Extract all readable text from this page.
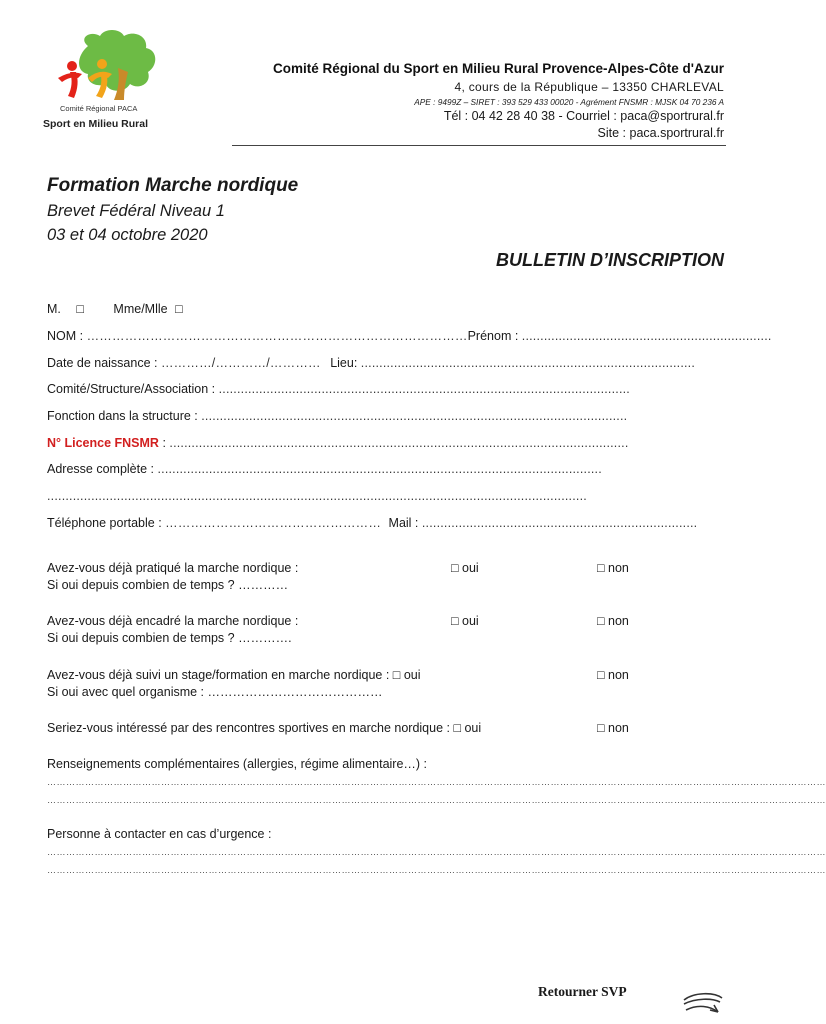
Comité Régional PACA
Sport en Milieu Rural
Comité Régional du Sport en Milieu Rural Provence-Alpes-Côte d'Azur
4, cours de la République – 13350 CHARLEVAL
APE : 9499Z – SIRET : 393 529 433 00020 - Agrément FNSMR : MJSK 04 70 236 A
Tél : 04 42 28 40 38 - Courriel : paca@sportrural.fr
Site : paca.sportrural.fr
Formation Marche nordique
Brevet Fédéral Niveau 1
03 et 04 octobre 2020
BULLETIN D’INSCRIPTION
M. □ Mme/Mlle □
NOM : ………………………………………………………………………………Prénom : ....................................................................
Date de naissance : …………/…………/………… Lieu: ...........................................................................................
Comité/Structure/Association : ................................................................................................................
Fonction dans la structure : ....................................................................................................................
N° Licence FNSMR : .............................................................................................................................
Adresse complète : .........................................................................................................................
...................................................................................................................................................
Téléphone portable : …………………………………………… Mail : ...........................................................................
Avez-vous déjà pratiqué la marche nordique :	□ oui	□ non
Si oui depuis combien de temps ? …………
Avez-vous déjà encadré la marche nordique :	□ oui	□ non
Si oui depuis combien de temps ? ………….
Avez-vous déjà suivi un stage/formation en marche nordique : □ oui	□ non
Si oui avec quel organisme : ……………………………………
Seriez-vous intéressé par des rencontres sportives en marche nordique : □ oui	□ non
Renseignements complémentaires (allergies, régime alimentaire…) :
…………………………………………………………………………………………………………………………………………………………………………………………………………………………
…………………………………………………………………………………………………………………………………………………………………………………………………………………………
Personne à contacter en cas d’urgence :
…………………………………………………………………………………………………………………………………………………………………………………………………………………………
…………………………………………………………………………………………………………………………………………………………………………………………………………………………
Retourner SVP
